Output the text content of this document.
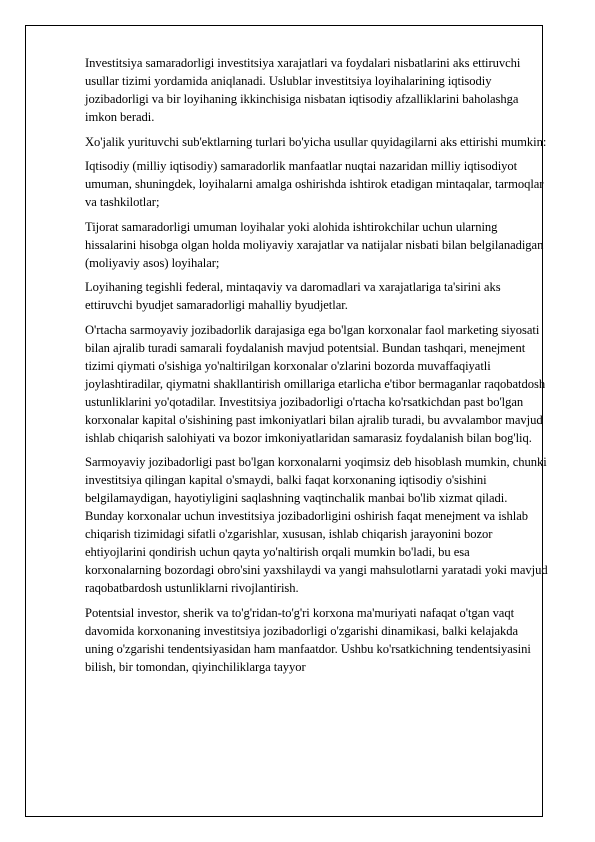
Investitsiya samaradorligi investitsiya xarajatlari va foydalari nisbatlarini aks ettiruvchi usullar tizimi yordamida aniqlanadi. Uslublar investitsiya loyihalarining iqtisodiy jozibadorligi va bir loyihaning ikkinchisiga nisbatan iqtisodiy afzalliklarini baholashga imkon beradi.

Xo'jalik yurituvchi sub'ektlarning turlari bo'yicha usullar quyidagilarni aks ettirishi mumkin:

Iqtisodiy (milliy iqtisodiy) samaradorlik manfaatlar nuqtai nazaridan milliy iqtisodiyot umuman, shuningdek, loyihalarni amalga oshirishda ishtirok etadigan mintaqalar, tarmoqlar va tashkilotlar;

Tijorat samaradorligi umuman loyihalar yoki alohida ishtirokchilar uchun ularning hissalarini hisobga olgan holda moliyaviy xarajatlar va natijalar nisbati bilan belgilanadigan (moliyaviy asos) loyihalar;

Loyihaning tegishli federal, mintaqaviy va daromadlari va xarajatlariga ta'sirini aks ettiruvchi byudjet samaradorligi mahalliy byudjetlar.

O'rtacha sarmoyaviy jozibadorlik darajasiga ega bo'lgan korxonalar faol marketing siyosati bilan ajralib turadi samarali foydalanish mavjud potentsial. Bundan tashqari, menejment tizimi qiymati o'sishiga yo'naltirilgan korxonalar o'zlarini bozorda muvaffaqiyatli joylashtiradilar, qiymatni shakllantirish omillariga etarlicha e'tibor bermaganlar raqobatdosh ustunliklarini yo'qotadilar. Investitsiya jozibadorligi o'rtacha ko'rsatkichdan past bo'lgan korxonalar kapital o'sishining past imkoniyatlari bilan ajralib turadi, bu avvalambor mavjud ishlab chiqarish salohiyati va bozor imkoniyatlaridan samarasiz foydalanish bilan bog'liq.

Sarmoyaviy jozibadorligi past bo'lgan korxonalarni yoqimsiz deb hisoblash mumkin, chunki investitsiya qilingan kapital o'smaydi, balki faqat korxonaning iqtisodiy o'sishini belgilamaydigan, hayotiyligini saqlashning vaqtinchalik manbai bo'lib xizmat qiladi. Bunday korxonalar uchun investitsiya jozibadorligini oshirish faqat menejment va ishlab chiqarish tizimidagi sifatli o'zgarishlar, xususan, ishlab chiqarish jarayonini bozor ehtiyojlarini qondirish uchun qayta yo'naltirish orqali mumkin bo'ladi, bu esa korxonalarning bozordagi obro'sini yaxshilaydi va yangi mahsulotlarni yaratadi yoki mavjud raqobatbardosh ustunliklarni rivojlantirish.

Potentsial investor, sherik va to'g'ridan-to'g'ri korxona ma'muriyati nafaqat o'tgan vaqt davomida korxonaning investitsiya jozibadorligi o'zgarishi dinamikasi, balki kelajakda uning o'zgarishi tendentsiyasidan ham manfaatdor. Ushbu ko'rsatkichning tendentsiyasini bilish, bir tomondan, qiyinchiliklarga tayyor
